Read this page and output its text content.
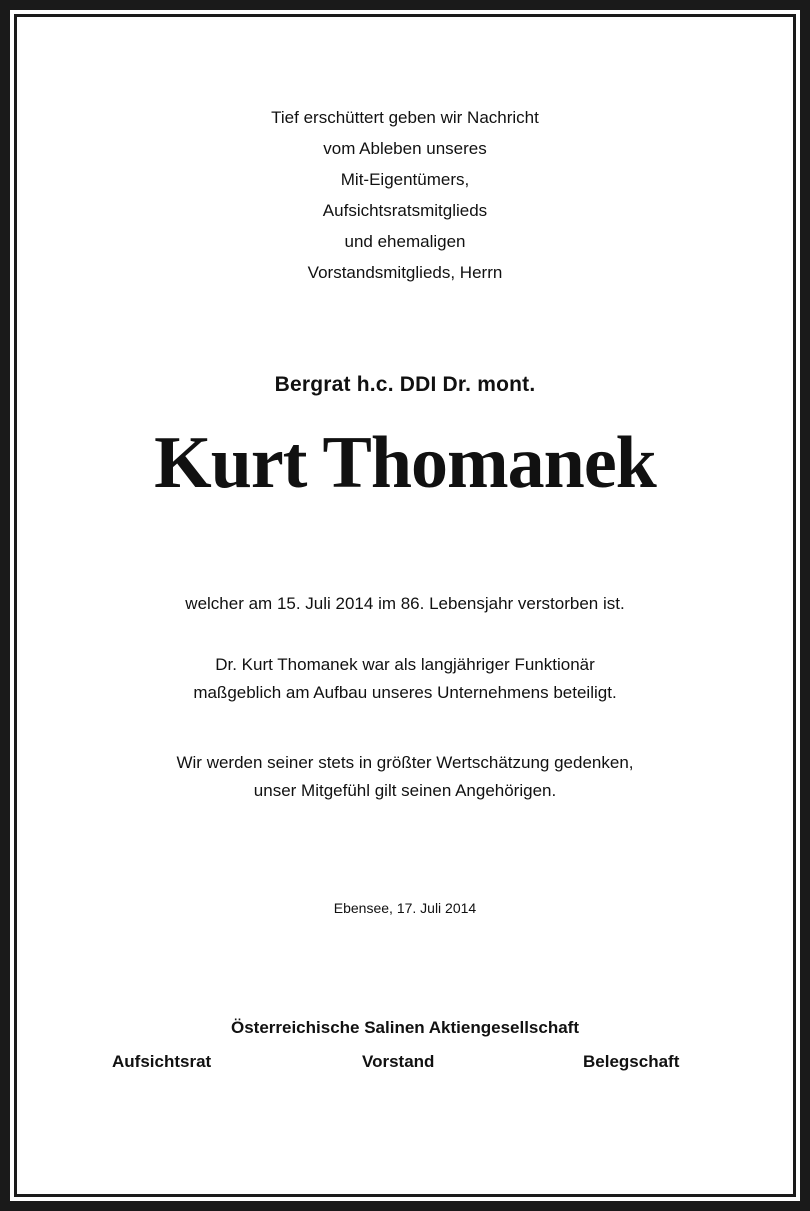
Tief erschüttert geben wir Nachricht
vom Ableben unseres
Mit-Eigentümers,
Aufsichtsratsmitglieds
und ehemaligen
Vorstandsmitglieds, Herrn
Bergrat h.c. DDI Dr. mont.
Kurt Thomanek
welcher am 15. Juli 2014 im 86. Lebensjahr verstorben ist.
Dr. Kurt Thomanek war als langjähriger Funktionär
maßgeblich am Aufbau unseres Unternehmens beteiligt.
Wir werden seiner stets in größter Wertschätzung gedenken,
unser Mitgefühl gilt seinen Angehörigen.
Ebensee, 17. Juli 2014
Österreichische Salinen Aktiengesellschaft
Aufsichtsrat	Vorstand	Belegschaft
